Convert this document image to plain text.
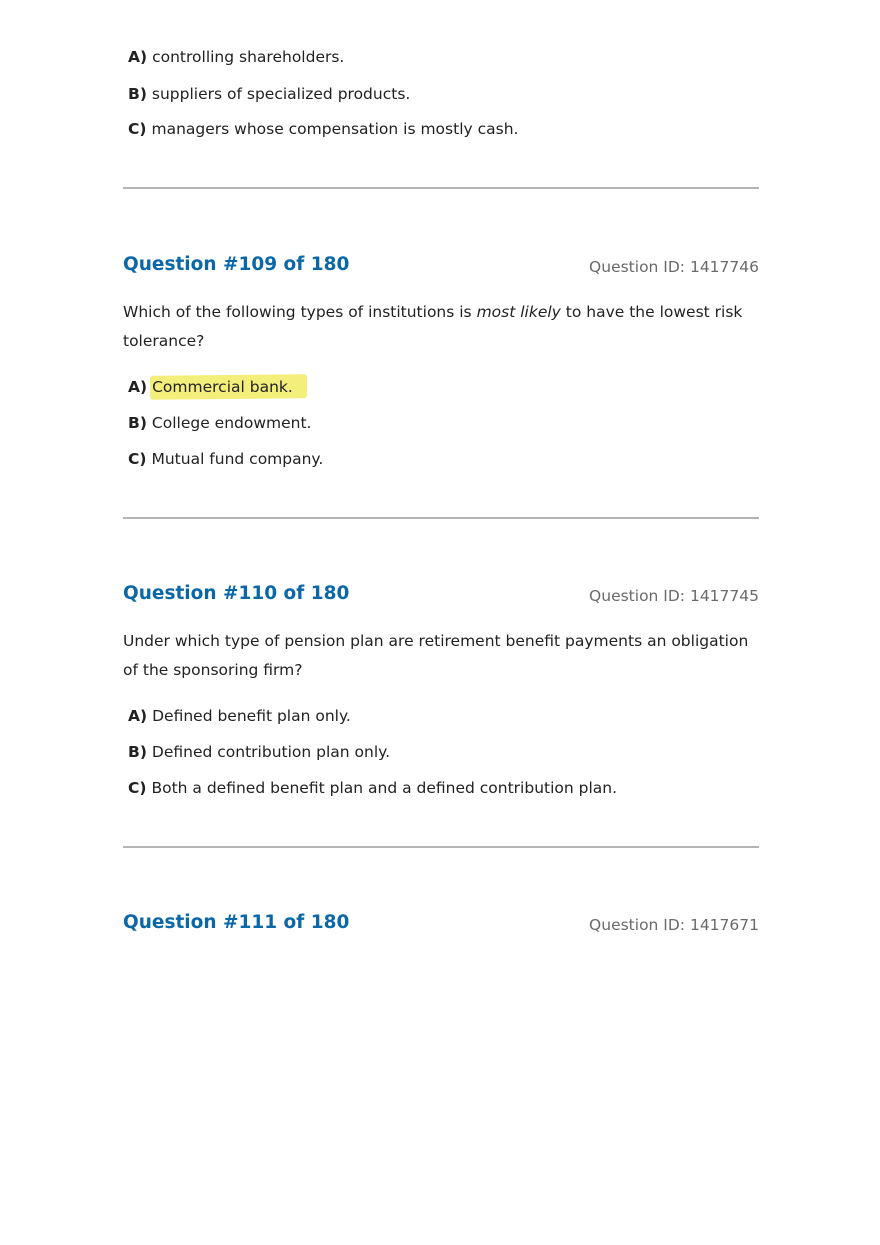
A) controlling shareholders.
B) suppliers of specialized products.
C) managers whose compensation is mostly cash.
Question #109 of 180	Question ID: 1417746
Which of the following types of institutions is most likely to have the lowest risk tolerance?
A) Commercial bank.
B) College endowment.
C) Mutual fund company.
Question #110 of 180	Question ID: 1417745
Under which type of pension plan are retirement benefit payments an obligation of the sponsoring firm?
A) Defined benefit plan only.
B) Defined contribution plan only.
C) Both a defined benefit plan and a defined contribution plan.
Question #111 of 180	Question ID: 1417671
